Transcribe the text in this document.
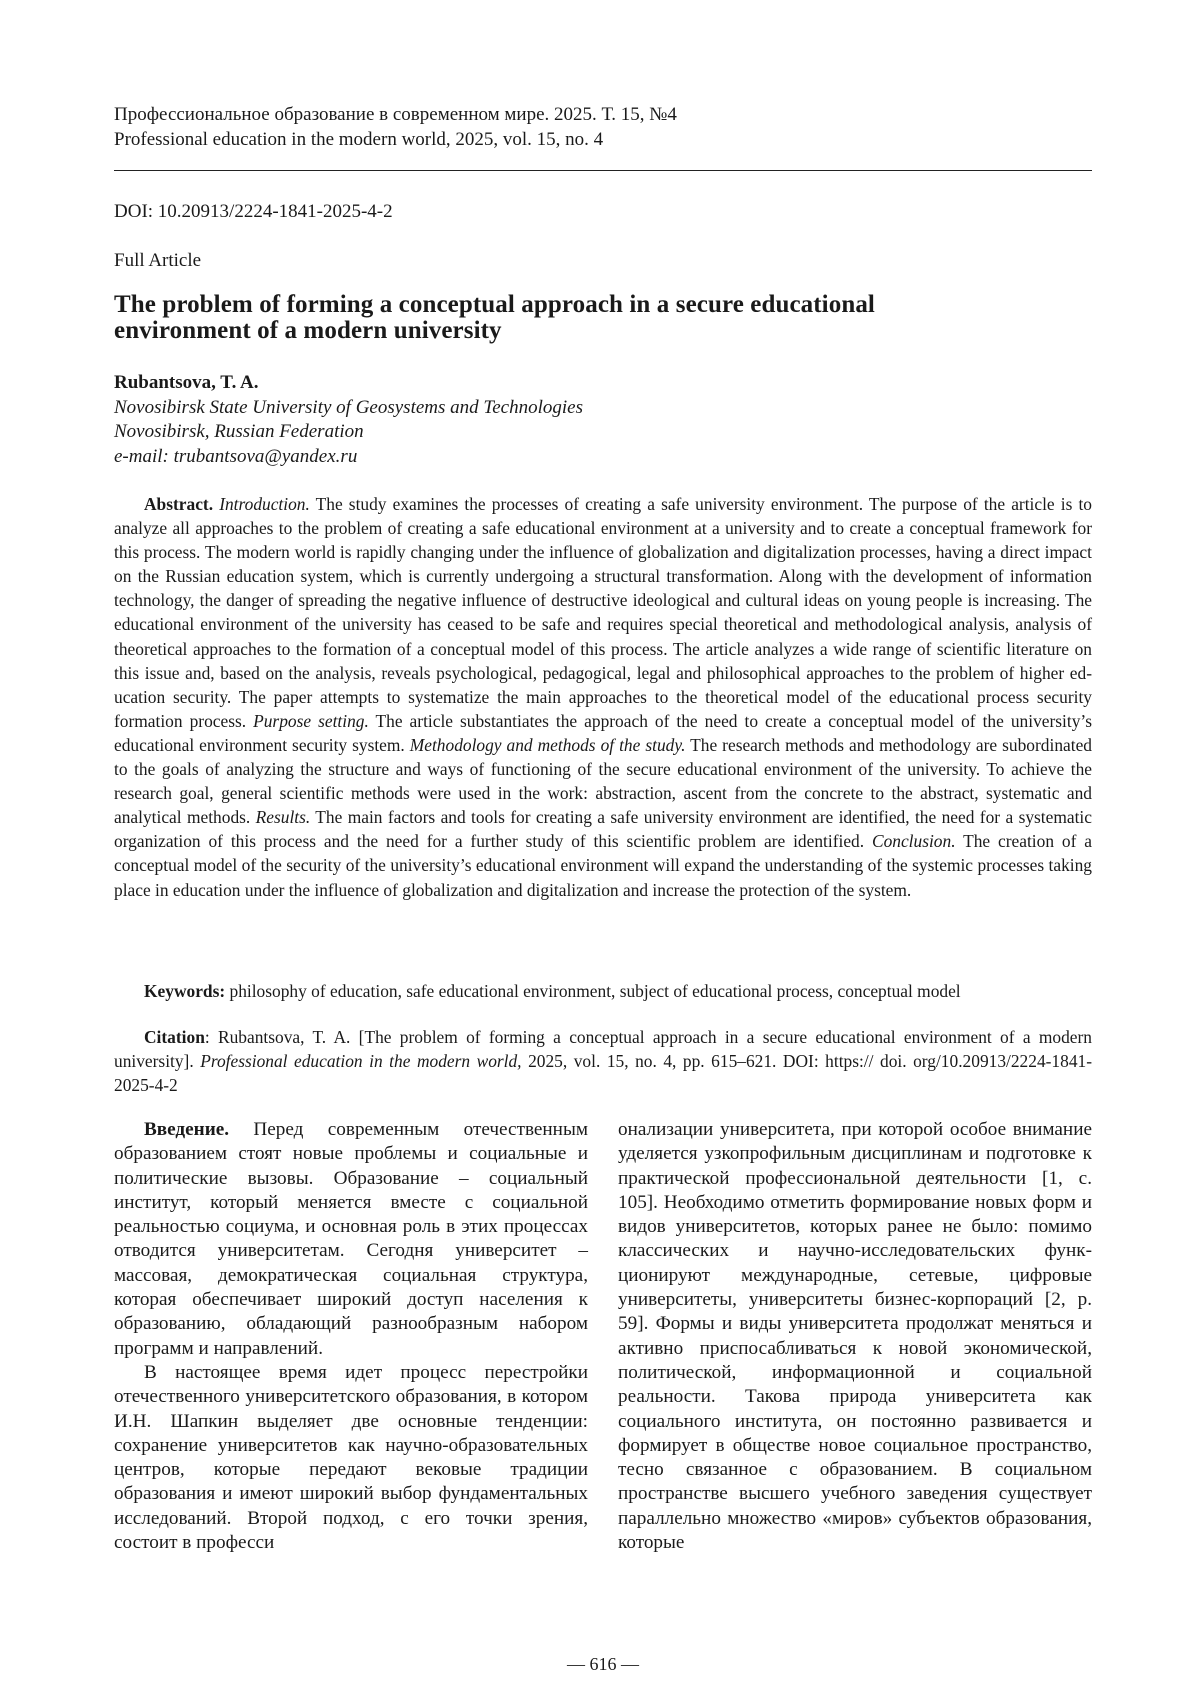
Профессиональное образование в современном мире. 2025. Т. 15, №4
Professional education in the modern world, 2025, vol. 15, no. 4
DOI: 10.20913/2224-1841-2025-4-2
Full Article
The problem of forming a conceptual approach in a secure educational
environment of a modern university
Rubantsova, T. A.
Novosibirsk State University of Geosystems and Technologies
Novosibirsk, Russian Federation
e-mail: trubantsova@yandex.ru

Abstract. Introduction. The study examines the processes of creating a safe university environment. The purpose of the article is to analyze all approaches to the problem of creating a safe educational environment at a university and to create a conceptual framework for this process. The modern world is rapidly changing under the influence of globalization and digitalization processes, having a direct impact on the Russian education system, which is currently undergoing a structural transformation. Along with the development of information technology, the danger of spreading the negative influence of destructive ideological and cultural ideas on young people is increasing. The educational environment of the university has ceased to be safe and requires special theoretical and methodological analysis, analysis of theoretical approaches to the formation of a conceptual model of this process. The article analyzes a wide range of scientific literature on this issue and, based on the analysis, reveals psychological, pedagogical, legal and philosophical approaches to the problem of higher education security. The paper attempts to systematize the main approaches to the theoretical model of the educational process security formation process. Purpose setting. The article substantiates the approach of the need to create a conceptual model of the university’s educational environment security system. Methodology and methods of the study. The research methods and methodology are subordinated to the goals of analyzing the structure and ways of functioning of the secure educational environment of the university. To achieve the research goal, general scientific methods were used in the work: abstraction, ascent from the concrete to the abstract, systematic and analytical methods. Results. The main factors and tools for creating a safe university environment are identified, the need for a systematic organization of this process and the need for a further study of this scientific problem are identified. Conclusion. The creation of a conceptual model of the security of the university’s educational environment will expand the understanding of the systemic processes taking place in education under the influence of globalization and digitalization and increase the protection of the system.

Keywords: philosophy of education, safe educational environment, subject of educational process, conceptual model

Citation: Rubantsova, T. A. [The problem of forming a conceptual approach in a secure educational environment of a modern university]. Professional education in the modern world, 2025, vol. 15, no. 4, pp. 615–621. DOI: https:// doi. org/10.20913/2224-1841-2025-4-2

Введение. Перед современным отечественным образованием стоят новые проблемы и социальные и политические вызовы. Образование – социальный институт, который меняется вместе с социальной реальностью социума, и основная роль в этих процессах отводится университетам. Сегодня университет – массовая, демократическая социальная структура, которая обеспечивает широкий доступ населения к образованию, обладающий разнообразным набором программ и направлений.

В настоящее время идет процесс перестройки отечественного университетского образования, в котором И.Н. Шапкин выделяет две основные тенденции: сохранение университетов как научно-образовательных центров, которые передают вековые традиции образования и имеют широкий выбор фундаментальных исследований. Второй подход, с его точки зрения, состоит в професси

онализации университета, при которой особое внимание уделяется узкопрофильным дисциплинам и подготовке к практической профессиональной деятельности [1, с. 105]. Необходимо отметить формирование новых форм и видов университетов, которых ранее не было: помимо классических и научно-исследовательских функционируют международные, сетевые, цифровые университеты, университеты бизнес-корпораций [2, p. 59]. Формы и виды университета продолжат меняться и активно приспосабливаться к новой экономической, политической, информационной и социальной реальности. Такова природа университета как социального института, он постоянно развивается и формирует в обществе новое социальное пространство, тесно связанное с образованием. В социальном пространстве высшего учебного заведения существует параллельно множество «миров» субъектов образования, которые

— 616 —
